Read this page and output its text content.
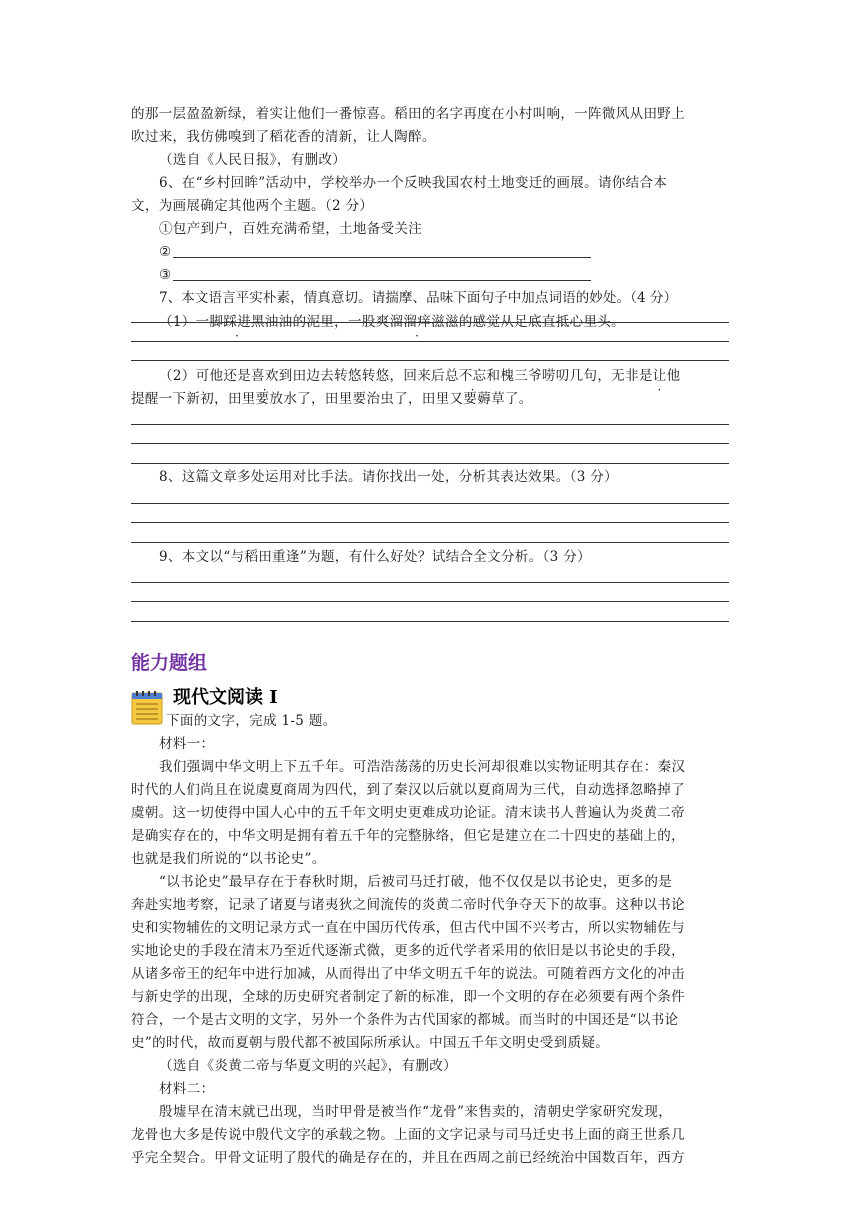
的那一层盈盈新绿，着实让他们一番惊喜。稻田的名字再度在小村叫响，一阵微风从田野上
吹过来，我仿佛嗅到了稻花香的清新，让人陶醉。
（选自《人民日报》，有删改）
6、在“乡村回眸”活动中，学校举办一个反映我国农村土地变迁的画展。请你结合本
文，为画展确定其他两个主题。（2 分）
①包产到户，百姓充满希望，土地备受关注
②
③
7、本文语言平实朴素，情真意切。请揣摩、品味下面句子中加点词语的妙处。（4 分）
（1）一脚踩进黑油油的泥里，一股爽溜溜痒滋滋 ·的感觉从足底直抵心里头。
（2）可他还是喜欢到田边去转悠转悠，回来后总不忘和槐三爷唠叨几句，无非是让他
提醒一下新初，田里要放水了，田里要治虫了，田里又要薅草了。
8、这篇文章多处运用对比手法。请你找出一处，分析其表达效果。（3 分）
9、本文以“与稻田重逢”为题，有什么好处？试结合全文分析。（3 分）
能力题组
现代文阅读 I
下面的文字，完成 1-5 题。
材料一：
我们强调中华文明上下五千年。可浩浩荡荡的历史长河却很难以实物证明其存在：秦汉
时代的人们尚且在说虞夏商周为四代，到了秦汉以后就以夏商周为三代，自动选择忽略掉了
虞朝。这一切使得中国人心中的五千年文明史更难成功论证。清末读书人普遍认为炎黄二帝
是确实存在的，中华文明是拥有着五千年的完整脉络，但它是建立在二十四史的基础上的，
也就是我们所说的“以书论史”。
“以书论史”最早存在于春秋时期，后被司马迁打破，他不仅仅是以书论史，更多的是
奔赴实地考察，记录了诸夏与诸夷狄之间流传的炎黄二帝时代争夺天下的故事。这种以书论
史和实物辅佐的文明记录方式一直在中国历代传承，但古代中国不兴考古，所以实物辅佐与
实地论史的手段在清末乃至近代逐渐式微，更多的近代学者采用的依旧是以书论史的手段，
从诸多帝王的纪年中进行加减，从而得出了中华文明五千年的说法。可随着西方文化的冲击
与新史学的出现，全球的历史研究者制定了新的标准，即一个文明的存在必须要有两个条件
符合，一个是古文明的文字，另外一个条件为古代国家的都城。而当时的中国还是“以书论
史”的时代，故而夏朝与殷代都不被国际所承认。中国五千年文明史受到质疑。
（选自《炎黄二帝与华夏文明的兴起》，有删改）
材料二：
殷墟早在清末就已出现，当时甲骨是被当作“龙骨”来售卖的，清朝史学家研究发现，
龙骨也大多是传说中殷代文字的承载之物。上面的文字记录与司马迁史书上面的商王世系几
乎完全契合。甲骨文证明了殷代的确是存在的，并且在西周之前已经统治中国数百年，西方
